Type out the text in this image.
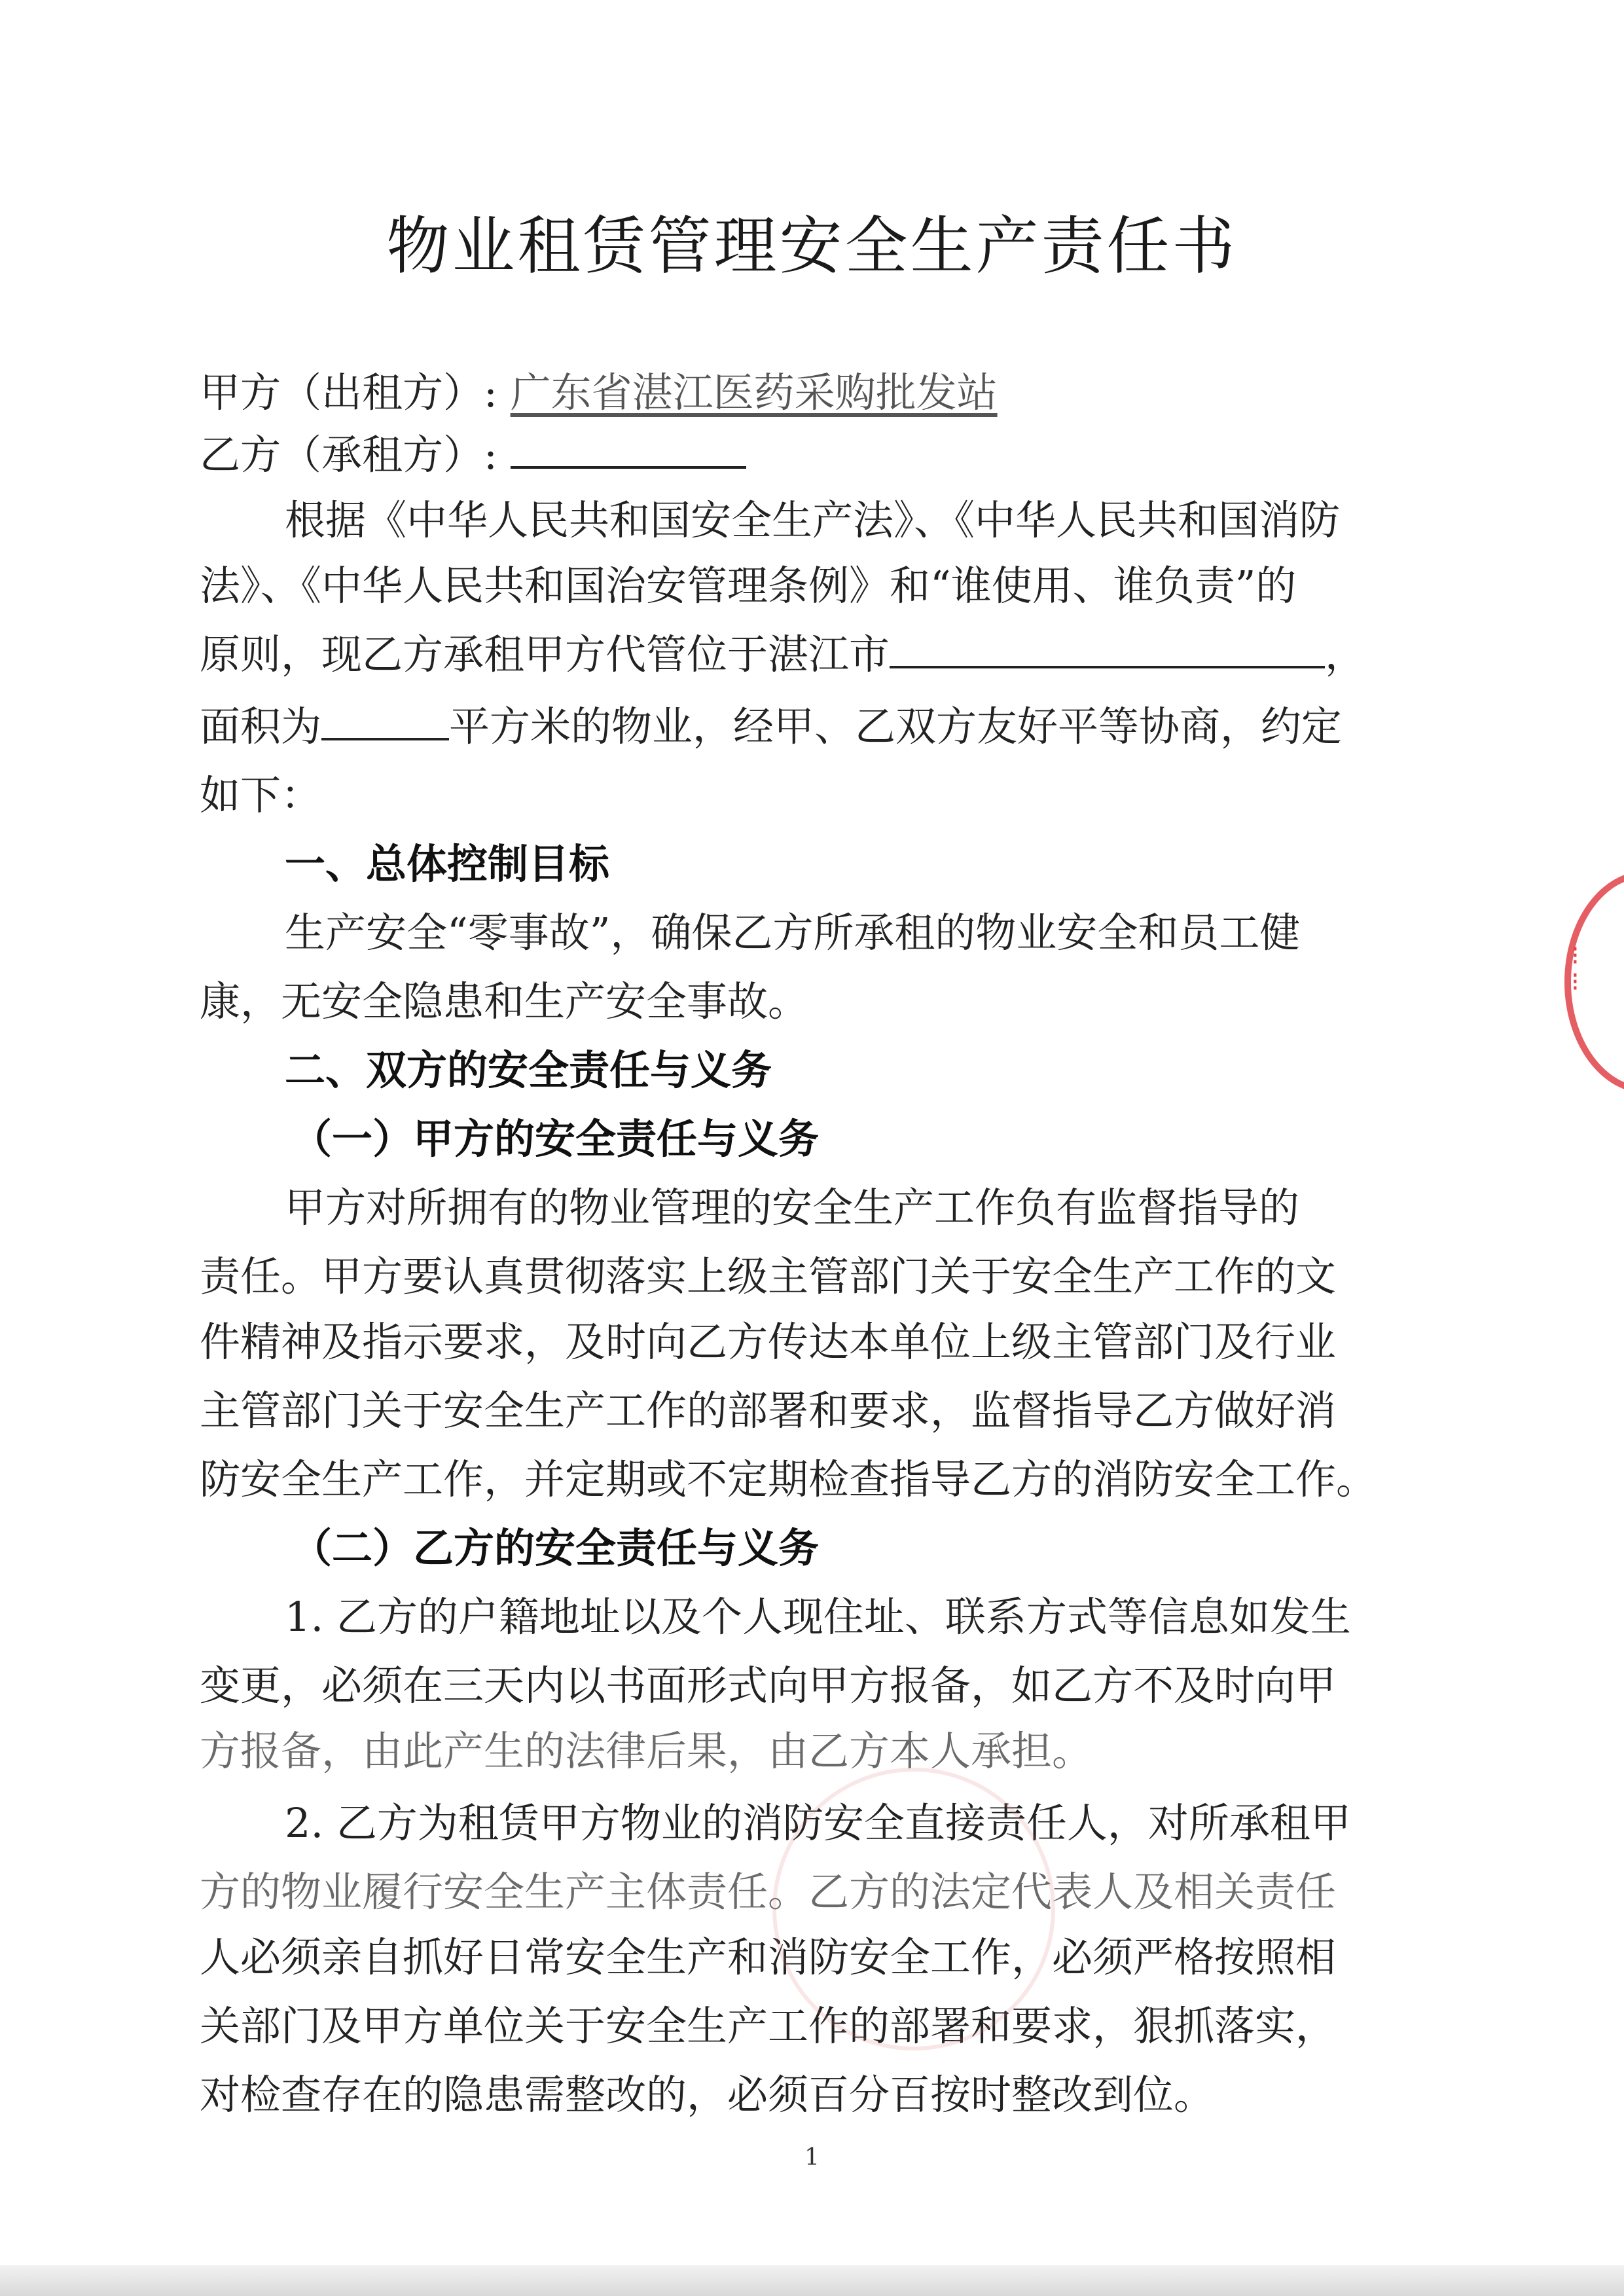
物业租赁管理安全生产责任书
甲方（出租方）: 广东省湛江医药采购批发站
乙方（承租方）:
根据《中华人民共和国安全生产法》、《中华人民共和国消防
法》、《中华人民共和国治安管理条例》和“谁使用、谁负责”的
原则，现乙方承租甲方代管位于湛江市	，
面积为	平方米的物业，经甲、乙双方友好平等协商，约定
如下：
一、总体控制目标
生产安全“零事故”，确保乙方所承租的物业安全和员工健
康，无安全隐患和生产安全事故。
二、双方的安全责任与义务
（一）甲方的安全责任与义务
甲方对所拥有的物业管理的安全生产工作负有监督指导的
责任。甲方要认真贯彻落实上级主管部门关于安全生产工作的文
件精神及指示要求，及时向乙方传达本单位上级主管部门及行业
主管部门关于安全生产工作的部署和要求，监督指导乙方做好消
防安全生产工作，并定期或不定期检查指导乙方的消防安全工作。
（二）乙方的安全责任与义务
1. 乙方的户籍地址以及个人现住址、联系方式等信息如发生
变更，必须在三天内以书面形式向甲方报备，如乙方不及时向甲
方报备，由此产生的法律后果，由乙方本人承担。
2. 乙方为租赁甲方物业的消防安全直接责任人，对所承租甲
方的物业履行安全生产主体责任。乙方的法定代表人及相关责任
人必须亲自抓好日常安全生产和消防安全工作，必须严格按照相
关部门及甲方单位关于安全生产工作的部署和要求，狠抓落实，
对检查存在的隐患需整改的，必须百分百按时整改到位。
⁝
⁝
1
